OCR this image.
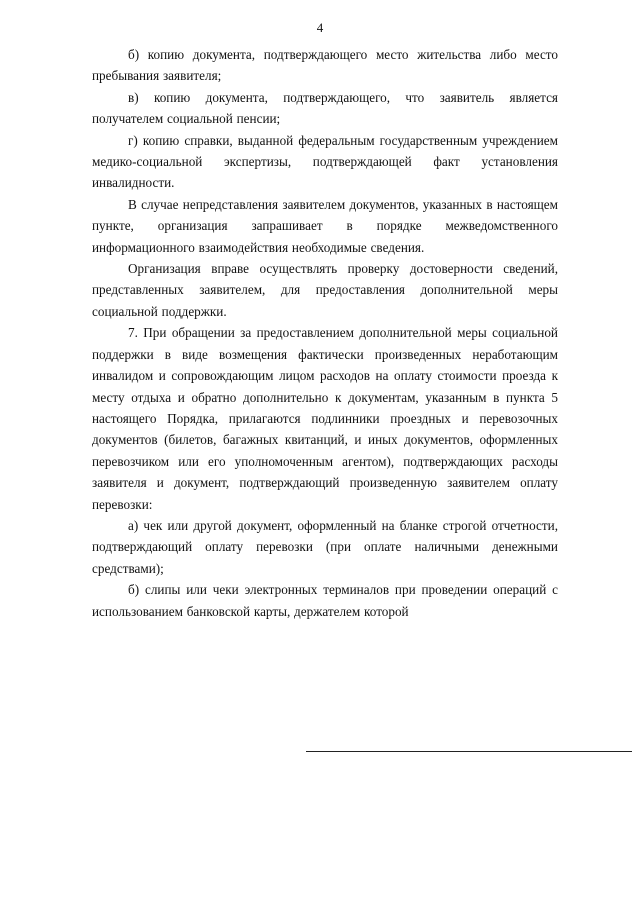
4

б) копию документа, подтверждающего место жительства либо место пребывания заявителя;

в) копию документа, подтверждающего, что заявитель является получателем социальной пенсии;

г) копию справки, выданной федеральным государственным учреждением медико-социальной экспертизы, подтверждающей факт установления инвалидности.

В случае непредставления заявителем документов, указанных в настоящем пункте, организация запрашивает в порядке межведомственного информационного взаимодействия необходимые сведения.

Организация вправе осуществлять проверку достоверности сведений, представленных заявителем, для предоставления дополнительной меры социальной поддержки.

7. При обращении за предоставлением дополнительной меры социальной поддержки в виде возмещения фактически произведенных неработающим инвалидом и сопровождающим лицом расходов на оплату стоимости проезда к месту отдыха и обратно дополнительно к документам, указанным в пункта 5 настоящего Порядка, прилагаются подлинники проездных и перевозочных документов (билетов, багажных квитанций, и иных документов, оформленных перевозчиком или его уполномоченным агентом), подтверждающих расходы заявителя и документ, подтверждающий произведенную заявителем оплату перевозки:

а) чек или другой документ, оформленный на бланке строгой отчетности, подтверждающий оплату перевозки (при оплате наличными денежными средствами);

б) слипы или чеки электронных терминалов при проведении операций с использованием банковской карты, держателем которой
